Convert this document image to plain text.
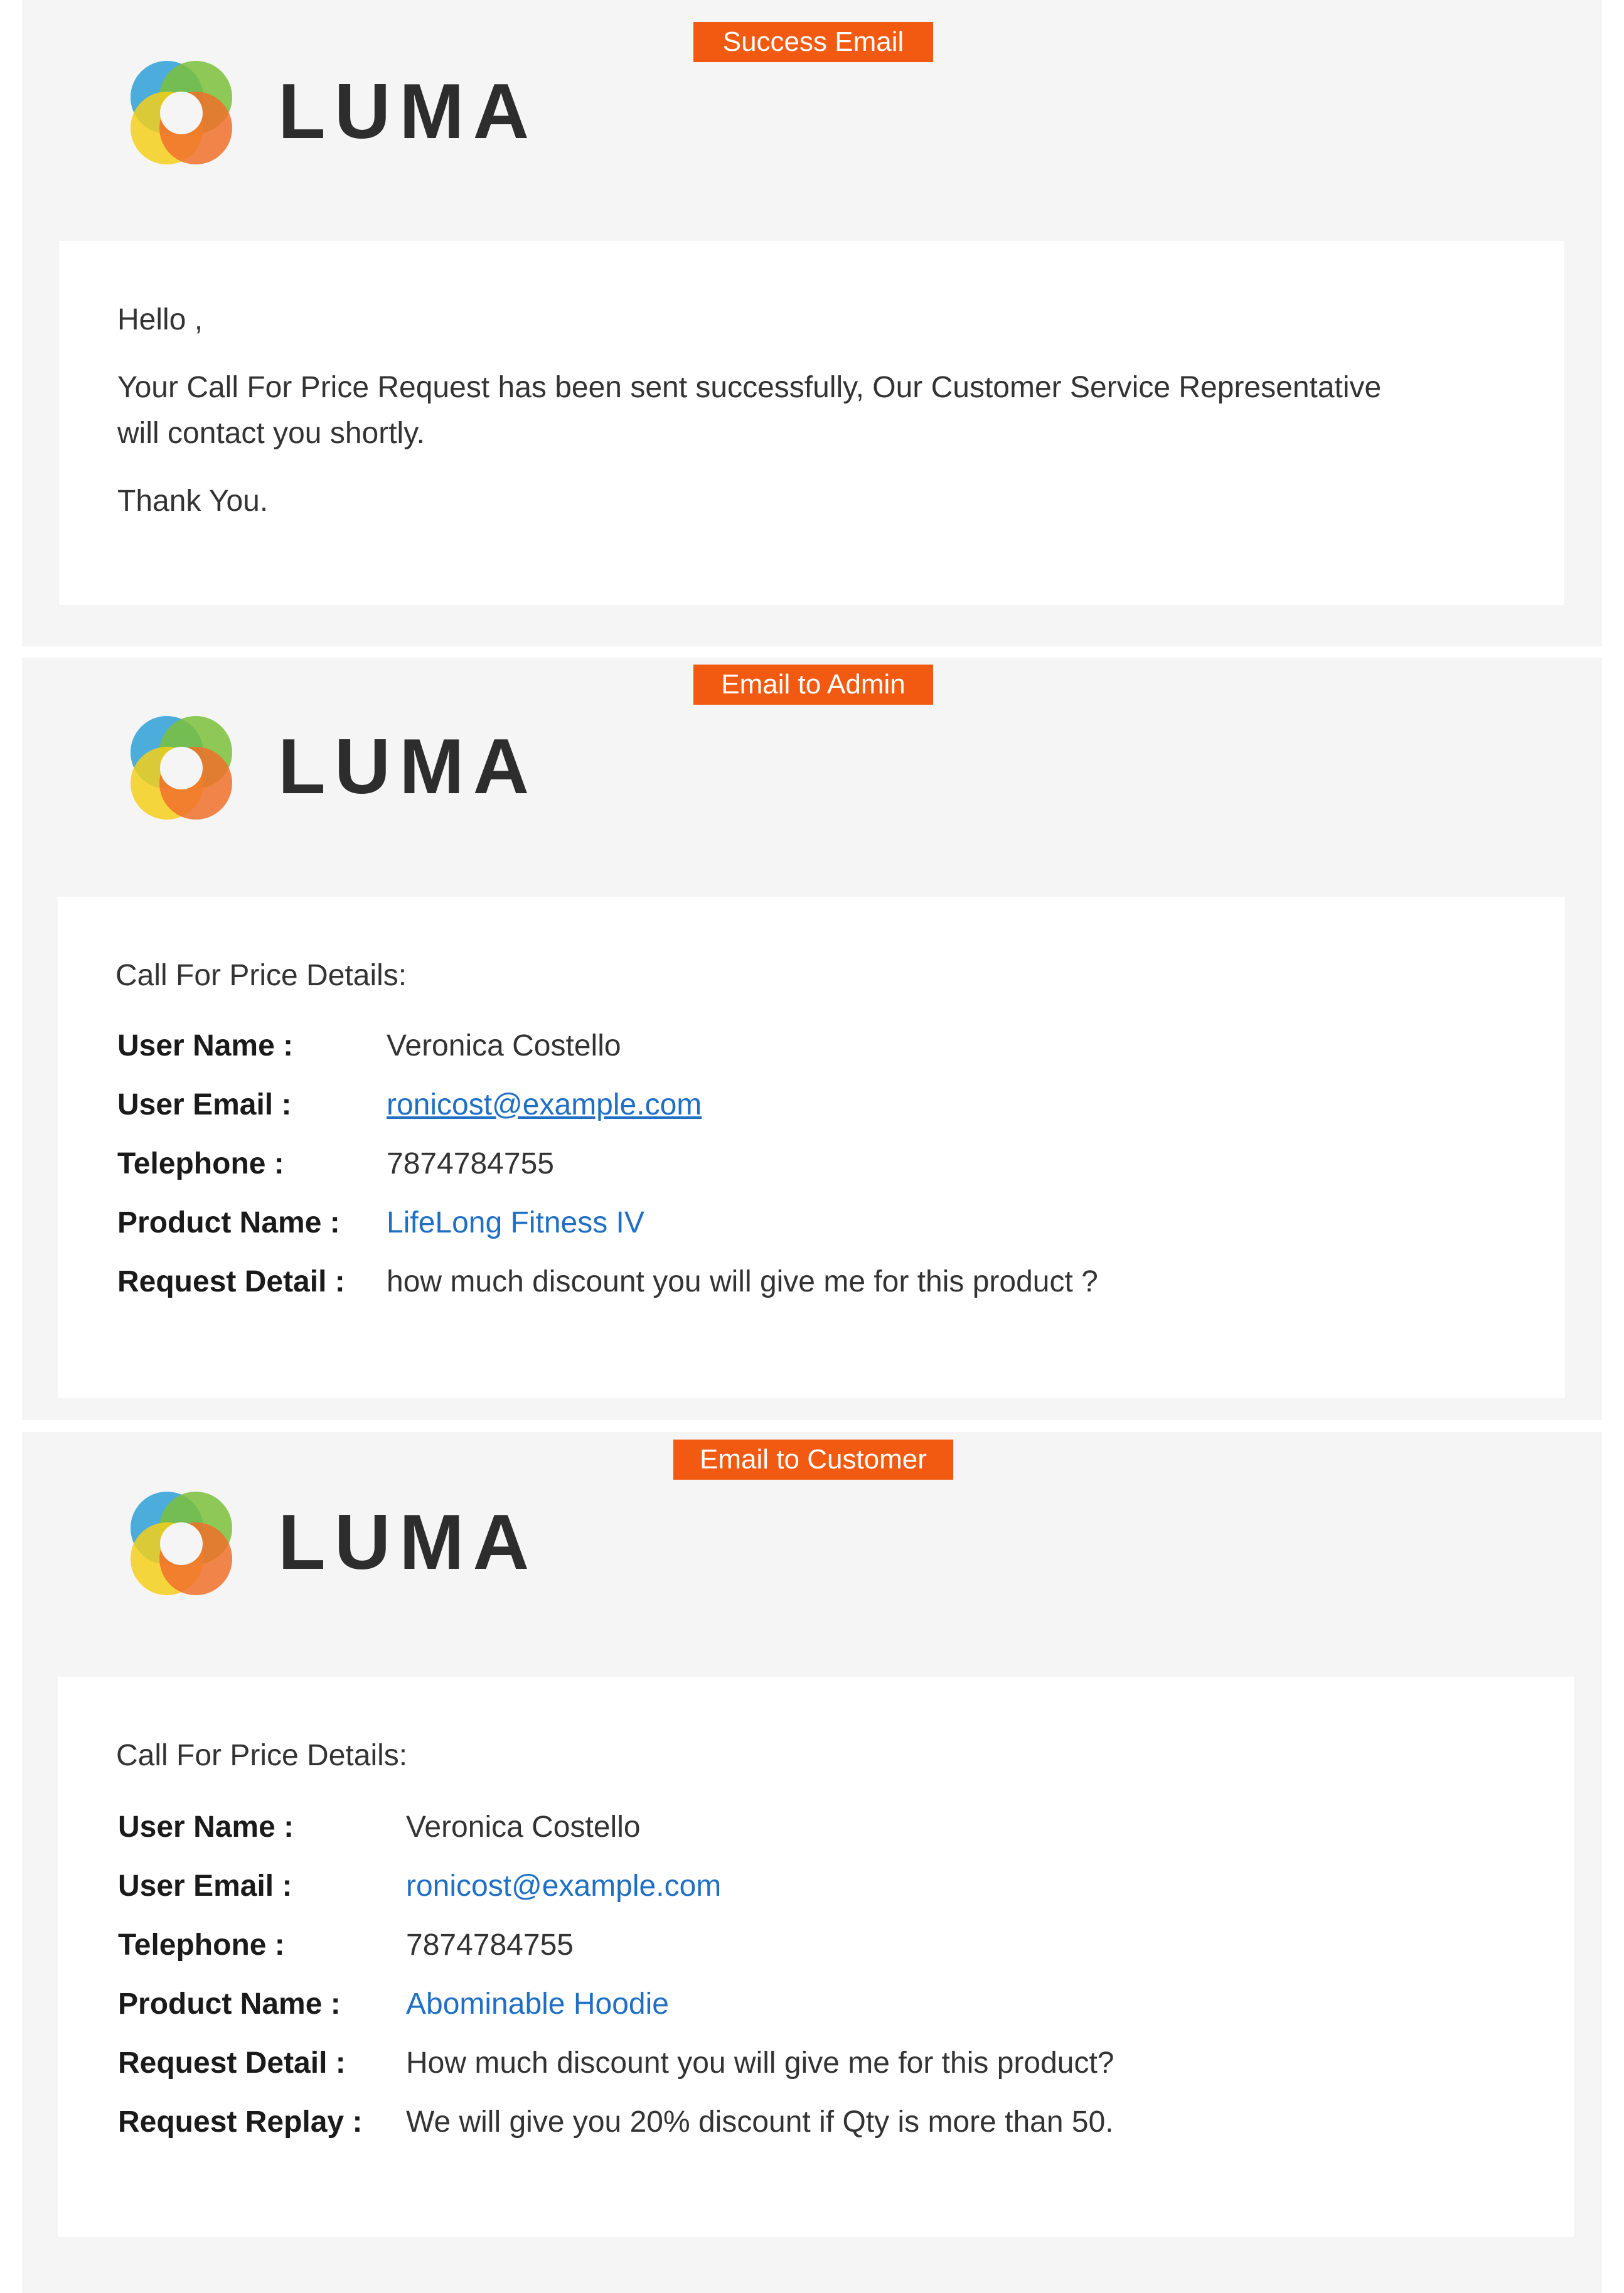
Success Email
LUMA
Hello ,
Your Call For Price Request has been sent successfully, Our Customer Service Representative
will contact you shortly.
Thank You.
Email to Admin
LUMA
Call For Price Details:
User Name :	Veronica Costello
User Email :	ronicost@example.com
Telephone :	7874784755
Product Name : LifeLong Fitness IV
Request Detail : how much discount you will give me for this product ?
Email to Customer
LUMA
Call For Price Details:
User Name :	Veronica Costello
User Email :	ronicost@example.com
Telephone :	7874784755
Product Name : Abominable Hoodie
Request Detail : How much discount you will give me for this product?
Request Replay : We will give you 20% discount if Qty is more than 50.
